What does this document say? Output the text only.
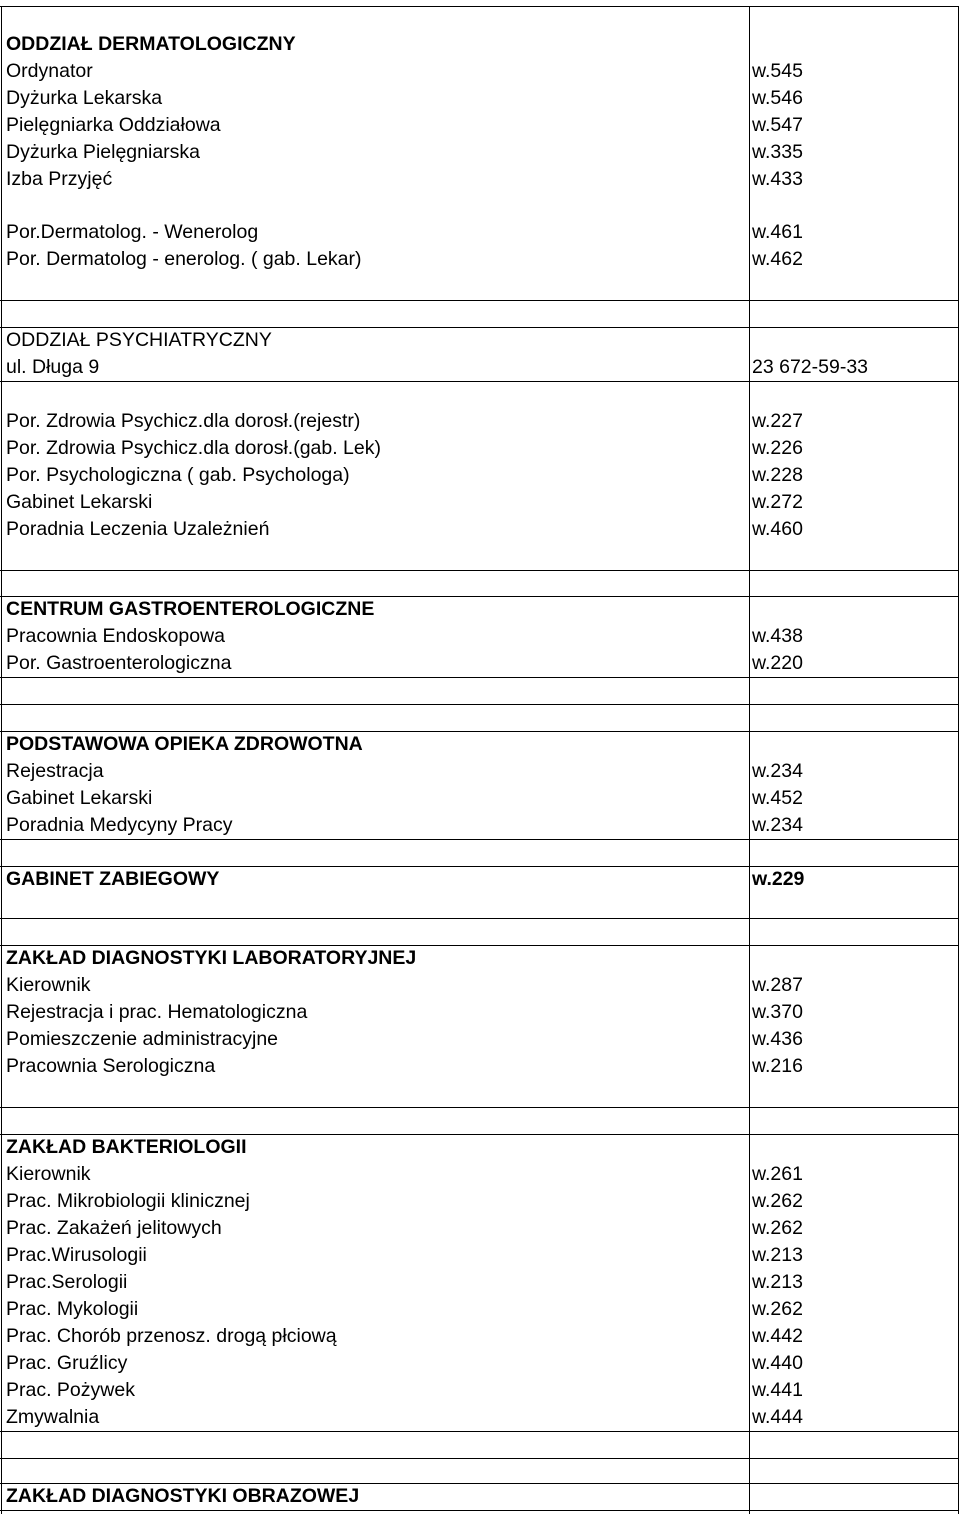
ODDZIAŁ DERMATOLOGICZNY
Ordynator	w.545
Dyżurka Lekarska	w.546
Pielęgniarka Oddziałowa	w.547
Dyżurka Pielęgniarska	w.335
Izba Przyjęć	w.433
Por.Dermatolog. - Wenerolog	w.461
Por. Dermatolog - enerolog. ( gab. Lekar)	w.462
ODDZIAŁ PSYCHIATRYCZNY
ul. Długa 9	23 672-59-33
Por. Zdrowia Psychicz.dla dorosł.(rejestr)	w.227
Por. Zdrowia Psychicz.dla dorosł.(gab. Lek)	w.226
Por. Psychologiczna ( gab. Psychologa)	w.228
Gabinet Lekarski	w.272
Poradnia Leczenia Uzależnień	w.460
CENTRUM GASTROENTEROLOGICZNE
Pracownia Endoskopowa	w.438
Por. Gastroenterologiczna	w.220
PODSTAWOWA OPIEKA ZDROWOTNA
Rejestracja	w.234
Gabinet Lekarski	w.452
Poradnia Medycyny Pracy	w.234
GABINET ZABIEGOWY	w.229
ZAKŁAD DIAGNOSTYKI LABORATORYJNEJ
Kierownik	w.287
Rejestracja i prac. Hematologiczna	w.370
Pomieszczenie administracyjne	w.436
Pracownia Serologiczna	w.216
ZAKŁAD BAKTERIOLOGII
Kierownik	w.261
Prac. Mikrobiologii klinicznej	w.262
Prac. Zakażeń jelitowych	w.262
Prac.Wirusologii	w.213
Prac.Serologii	w.213
Prac. Mykologii	w.262
Prac. Chorób przenosz. drogą płciową	w.442
Prac. Gruźlicy	w.440
Prac. Pożywek	w.441
Zmywalnia	w.444
ZAKŁAD DIAGNOSTYKI OBRAZOWEJ
